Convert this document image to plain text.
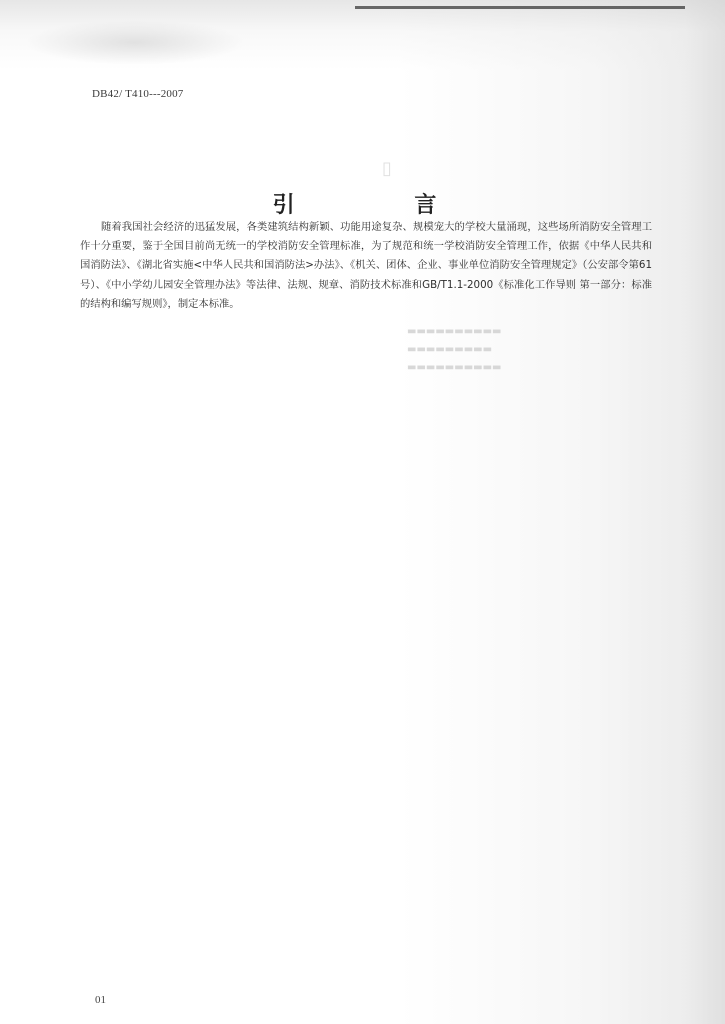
▯
▬▬▬▬▬▬▬▬▬▬
▬▬▬▬▬▬▬▬▬
▬▬▬▬▬▬▬▬▬▬
DB42/ T410---2007
引 言

随着我国社会经济的迅猛发展，各类建筑结构新颖、功能用途复杂、规模宠大的学校大量涌现，这些场所消防安全管理工作十分重要，鉴于全国目前尚无统一的学校消防安全管理标准，为了规范和统一学校消防安全管理工作，依据《中华人民共和国消防法》、《湖北省实施<中华人民共和国消防法>办法》、《机关、团体、企业、事业单位消防安全管理规定》（公安部令第61号）、《中小学幼儿园安全管理办法》等法律、法规、规章、消防技术标准和GB/T1.1-2000《标准化工作导则 第一部分：标准的结构和编写规则》，制定本标准。

01
